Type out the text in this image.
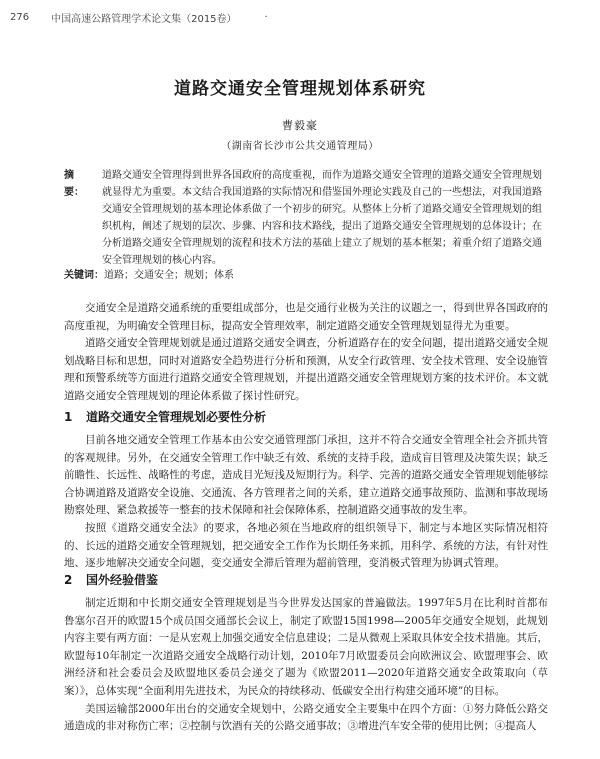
276 中国高速公路管理学术论文集（2015卷）	·
道路交通安全管理规划体系研究
曹毅豪
（湖南省长沙市公共交通管理局）
摘　要：
道路交通安全管理得到世界各国政府的高度重视，而作为道路交通安全管理的道路交通安全管理规划就显得尤为重要。本文结合我国道路的实际情况和借鉴国外理论实践及自己的一些想法，对我国道路交通安全管理规划的基本理论体系做了一个初步的研究。从整体上分析了道路交通安全管理规划的组织机构，阐述了规划的层次、步骤、内容和技术路线，提出了道路交通安全管理规划的总体设计；在分析道路交通安全管理规划的流程和技术方法的基础上建立了规划的基本框架；着重介绍了道路交通安全管理规划的核心内容。
关键词：道路；交通安全；规划；体系

交通安全是道路交通系统的重要组成部分，也是交通行业极为关注的议题之一，得到世界各国政府的高度重视，为明确安全管理目标，提高安全管理效率，制定道路交通安全管理规划显得尤为重要。

道路交通安全管理规划就是通过道路交通安全调查，分析道路存在的安全问题，提出道路交通安全规划战略目标和思想，同时对道路安全趋势进行分析和预测，从安全行政管理、安全技术管理、安全设施管理和预警系统等方面进行道路交通安全管理规划，并提出道路交通安全管理规划方案的技术评价。本文就道路交通安全管理规划的理论体系做了探讨性研究。

1 道路交通安全管理规划必要性分析

目前各地交通安全管理工作基本由公安交通管理部门承担，这并不符合交通安全管理全社会齐抓共管的客观规律。另外，在交通安全管理工作中缺乏有效、系统的支持手段，造成盲目管理及决策失误；缺乏前瞻性、长远性、战略性的考虑，造成目光短浅及短期行为。科学、完善的道路交通安全管理规划能够综合协调道路及道路安全设施、交通流、各方管理者之间的关系，建立道路交通事故预防、监测和事故现场勘察处理、紧急救援等一整套的技术保障和社会保障体系，控制道路交通事故的发生率。

按照《道路交通安全法》的要求，各地必须在当地政府的组织领导下，制定与本地区实际情况相符的、长远的道路交通安全管理规划，把交通安全工作作为长期任务来抓，用科学、系统的方法，有针对性地、逐步地解决交通安全问题，变交通安全滞后管理为超前管理，变消极式管理为协调式管理。

2 国外经验借鉴

制定近期和中长期交通安全管理规划是当今世界发达国家的普遍做法。1997年5月在比利时首都布鲁塞尔召开的欧盟15个成员国交通部长会议上，制定了欧盟15国1998—2005年交通安全规划，此规划内容主要有两方面：一是从宏观上加强交通安全信息建设；二是从微观上采取具体安全技术措施。其后，欧盟每10年制定一次道路交通安全战略行动计划，2010年7月欧盟委员会向欧洲议会、欧盟理事会、欧洲经济和社会委员会及欧盟地区委员会递交了题为《欧盟2011—2020年道路交通安全政策取向（草案）》，总体实现“全面利用先进技术，为民众的持续移动、低碳安全出行构建交通环境”的目标。

美国运输部2000年出台的交通安全规划中，公路交通安全主要集中在四个方面：①努力降低公路交通造成的非对称伤亡率；②控制与饮酒有关的公路交通事故；③增进汽车安全带的使用比例；④提高人
